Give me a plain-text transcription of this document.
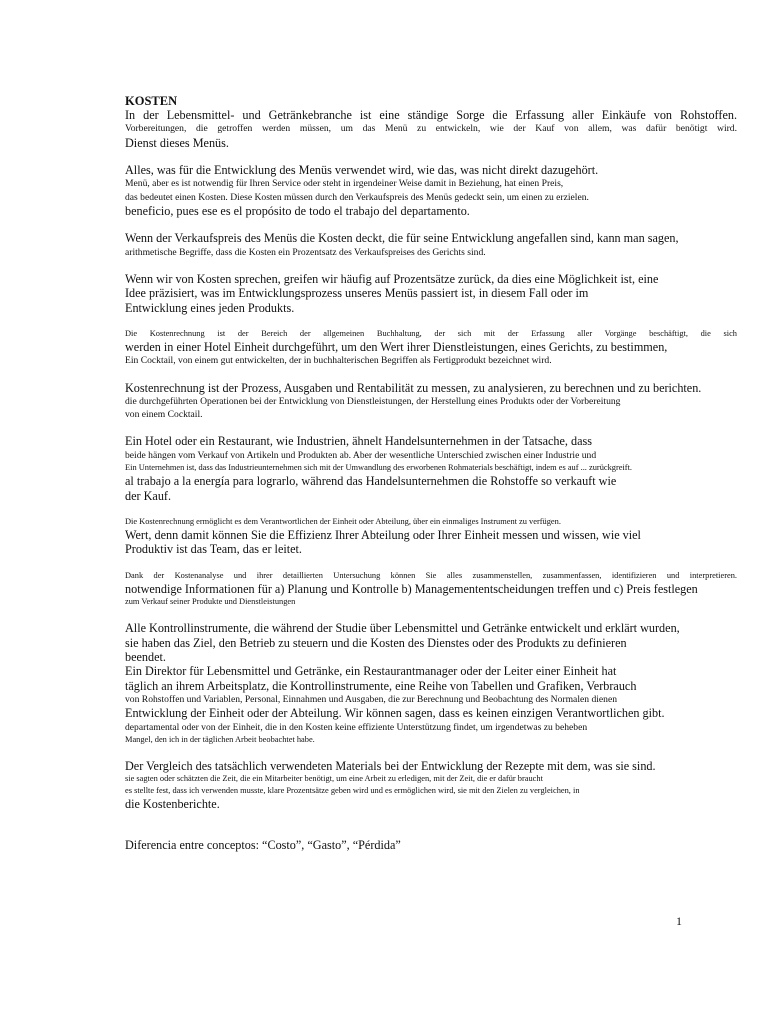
KOSTEN
In der Lebensmittel- und Getränkebranche ist eine ständige Sorge die Erfassung aller Einkäufe von Rohstoffen.
Vorbereitungen, die getroffen werden müssen, um das Menü zu entwickeln, wie der Kauf von allem, was dafür benötigt wird.
Dienst dieses Menüs.
Alles, was für die Entwicklung des Menüs verwendet wird, wie das, was nicht direkt dazugehört.
Menü, aber es ist notwendig für Ihren Service oder steht in irgendeiner Weise damit in Beziehung, hat einen Preis,
das bedeutet einen Kosten. Diese Kosten müssen durch den Verkaufspreis des Menüs gedeckt sein, um einen zu erzielen.
beneficio, pues ese es el propósito de todo el trabajo del departamento.
Wenn der Verkaufspreis des Menüs die Kosten deckt, die für seine Entwicklung angefallen sind, kann man sagen,
arithmetische Begriffe, dass die Kosten ein Prozentsatz des Verkaufspreises des Gerichts sind.
Wenn wir von Kosten sprechen, greifen wir häufig auf Prozentsätze zurück, da dies eine Möglichkeit ist, eine
Idee präzisiert, was im Entwicklungsprozess unseres Menüs passiert ist, in diesem Fall oder im
Entwicklung eines jeden Produkts.
Die Kostenrechnung ist der Bereich der allgemeinen Buchhaltung, der sich mit der Erfassung aller Vorgänge beschäftigt, die sich
werden in einer Hotel Einheit durchgeführt, um den Wert ihrer Dienstleistungen, eines Gerichts, zu bestimmen,
Ein Cocktail, von einem gut entwickelten, der in buchhalterischen Begriffen als Fertigprodukt bezeichnet wird.
Kostenrechnung ist der Prozess, Ausgaben und Rentabilität zu messen, zu analysieren, zu berechnen und zu berichten.
die durchgeführten Operationen bei der Entwicklung von Dienstleistungen, der Herstellung eines Produkts oder der Vorbereitung
von einem Cocktail.
Ein Hotel oder ein Restaurant, wie Industrien, ähnelt Handelsunternehmen in der Tatsache, dass
beide hängen vom Verkauf von Artikeln und Produkten ab. Aber der wesentliche Unterschied zwischen einer Industrie und
Ein Unternehmen ist, dass das Industrieunternehmen sich mit der Umwandlung des erworbenen Rohmaterials beschäftigt, indem es auf ... zurückgreift.
al trabajo a la energía para lograrlo, während das Handelsunternehmen die Rohstoffe so verkauft wie
der Kauf.
Die Kostenrechnung ermöglicht es dem Verantwortlichen der Einheit oder Abteilung, über ein einmaliges Instrument zu verfügen.
Wert, denn damit können Sie die Effizienz Ihrer Abteilung oder Ihrer Einheit messen und wissen, wie viel
Produktiv ist das Team, das er leitet.
Dank der Kostenanalyse und ihrer detaillierten Untersuchung können Sie alles zusammenstellen, zusammenfassen, identifizieren und interpretieren.
notwendige Informationen für a) Planung und Kontrolle b) Managemententscheidungen treffen und c) Preis festlegen
zum Verkauf seiner Produkte und Dienstleistungen
Alle Kontrollinstrumente, die während der Studie über Lebensmittel und Getränke entwickelt und erklärt wurden,
sie haben das Ziel, den Betrieb zu steuern und die Kosten des Dienstes oder des Produkts zu definieren
beendet.
Ein Direktor für Lebensmittel und Getränke, ein Restaurantmanager oder der Leiter einer Einheit hat
täglich an ihrem Arbeitsplatz, die Kontrollinstrumente, eine Reihe von Tabellen und Grafiken, Verbrauch
von Rohstoffen und Variablen, Personal, Einnahmen und Ausgaben, die zur Berechnung und Beobachtung des Normalen dienen
Entwicklung der Einheit oder der Abteilung. Wir können sagen, dass es keinen einzigen Verantwortlichen gibt.
departamental oder von der Einheit, die in den Kosten keine effiziente Unterstützung findet, um irgendetwas zu beheben
Mangel, den ich in der täglichen Arbeit beobachtet habe.
Der Vergleich des tatsächlich verwendeten Materials bei der Entwicklung der Rezepte mit dem, was sie sind.
sie sagten oder schätzten die Zeit, die ein Mitarbeiter benötigt, um eine Arbeit zu erledigen, mit der Zeit, die er dafür braucht
es stellte fest, dass ich verwenden musste, klare Prozentsätze geben wird und es ermöglichen wird, sie mit den Zielen zu vergleichen, in
die Kostenberichte.
Diferencia entre conceptos: “Costo”, “Gasto”, “Pérdida”
1
